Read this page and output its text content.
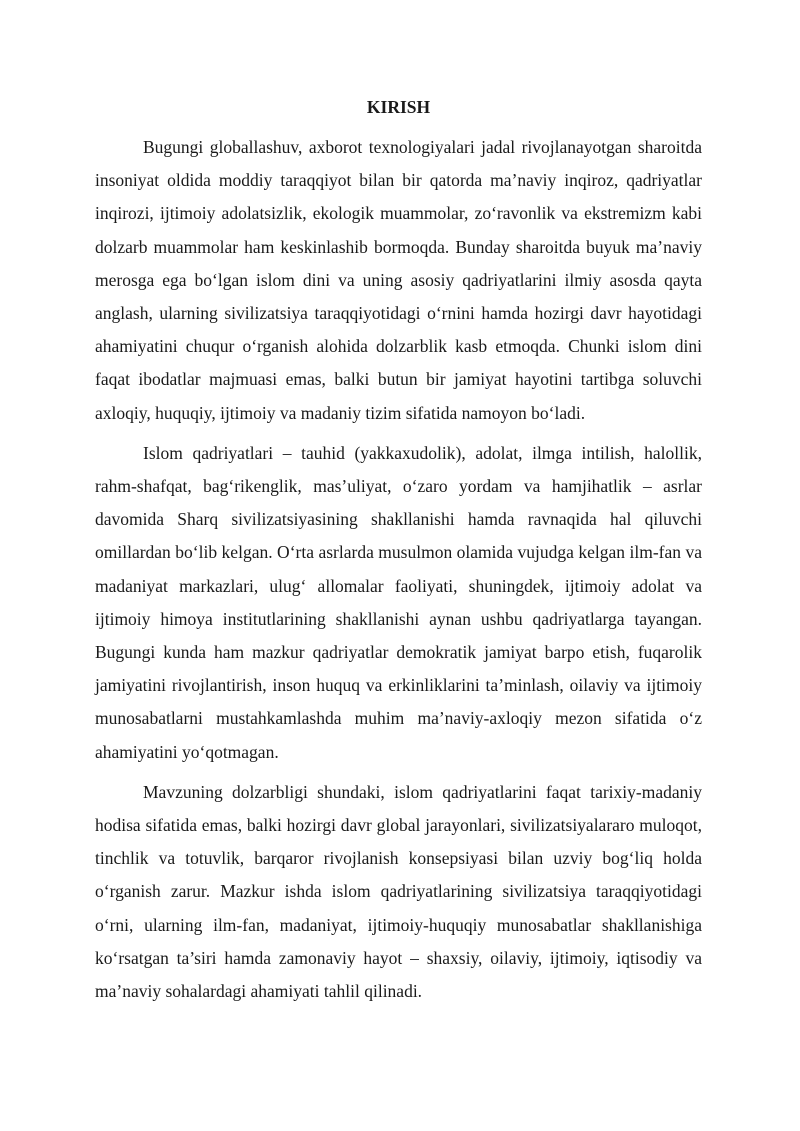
KIRISH

Bugungi globallashuv, axborot texnologiyalari jadal rivojlanayotgan sharoitda insoniyat oldida moddiy taraqqiyot bilan bir qatorda ma’naviy inqiroz, qadriyatlar inqirozi, ijtimoiy adolatsizlik, ekologik muammolar, zo‘ravonlik va ekstremizm kabi dolzarb muammolar ham keskinlashib bormoqda. Bunday sharoitda buyuk ma’naviy merosga ega bo‘lgan islom dini va uning asosiy qadriyatlarini ilmiy asosda qayta anglash, ularning sivilizatsiya taraqqiyotidagi o‘rnini hamda hozirgi davr hayotidagi ahamiyatini chuqur o‘rganish alohida dolzarblik kasb etmoqda. Chunki islom dini faqat ibodatlar majmuasi emas, balki butun bir jamiyat hayotini tartibga soluvchi axloqiy, huquqiy, ijtimoiy va madaniy tizim sifatida namoyon bo‘ladi.

Islom qadriyatlari – tauhid (yakkaxudolik), adolat, ilmga intilish, halollik, rahm-shafqat, bag‘rikenglik, mas’uliyat, o‘zaro yordam va hamjihatlik – asrlar davomida Sharq sivilizatsiyasining shakllanishi hamda ravnaqida hal qiluvchi omillardan bo‘lib kelgan. O‘rta asrlarda musulmon olamida vujudga kelgan ilm-fan va madaniyat markazlari, ulug‘ allomalar faoliyati, shuningdek, ijtimoiy adolat va ijtimoiy himoya institutlarining shakllanishi aynan ushbu qadriyatlarga tayangan. Bugungi kunda ham mazkur qadriyatlar demokratik jamiyat barpo etish, fuqarolik jamiyatini rivojlantirish, inson huquq va erkinliklarini ta’minlash, oilaviy va ijtimoiy munosabatlarni mustahkamlashda muhim ma’naviy-axloqiy mezon sifatida o‘z ahamiyatini yo‘qotmagan.

Mavzuning dolzarbligi shundaki, islom qadriyatlarini faqat tarixiy-madaniy hodisa sifatida emas, balki hozirgi davr global jarayonlari, sivilizatsiyalararo muloqot, tinchlik va totuvlik, barqaror rivojlanish konsepsiyasi bilan uzviy bog‘liq holda o‘rganish zarur. Mazkur ishda islom qadriyatlarining sivilizatsiya taraqqiyotidagi o‘rni, ularning ilm-fan, madaniyat, ijtimoiy-huquqiy munosabatlar shakllanishiga ko‘rsatgan ta’siri hamda zamonaviy hayot – shaxsiy, oilaviy, ijtimoiy, iqtisodiy va ma’naviy sohalardagi ahamiyati tahlil qilinadi.
